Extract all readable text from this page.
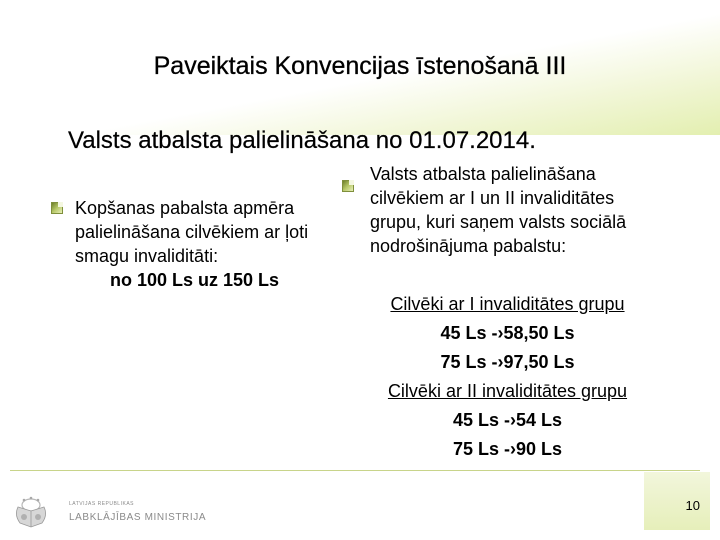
Paveiktais Konvencijas īstenošanā III
Valsts atbalsta palielināšana no 01.07.2014.
Kopšanas pabalsta apmēra
palielināšana cilvēkiem ar ļoti
smagu invaliditāti:
no 100 Ls uz 150 Ls
Valsts atbalsta palielināšana
cilvēkiem ar I un II invaliditātes
grupu, kuri saņem valsts sociālā
nodrošinājuma pabalstu:
Cilvēki ar I invaliditātes grupu
45 Ls -›58,50 Ls
75 Ls -›97,50 Ls
Cilvēki ar II invaliditātes grupu
45 Ls -›54 Ls
75 Ls -›90 Ls
10
LATVIJAS REPUBLIKAS
LABKLĀJĪBAS MINISTRIJA
